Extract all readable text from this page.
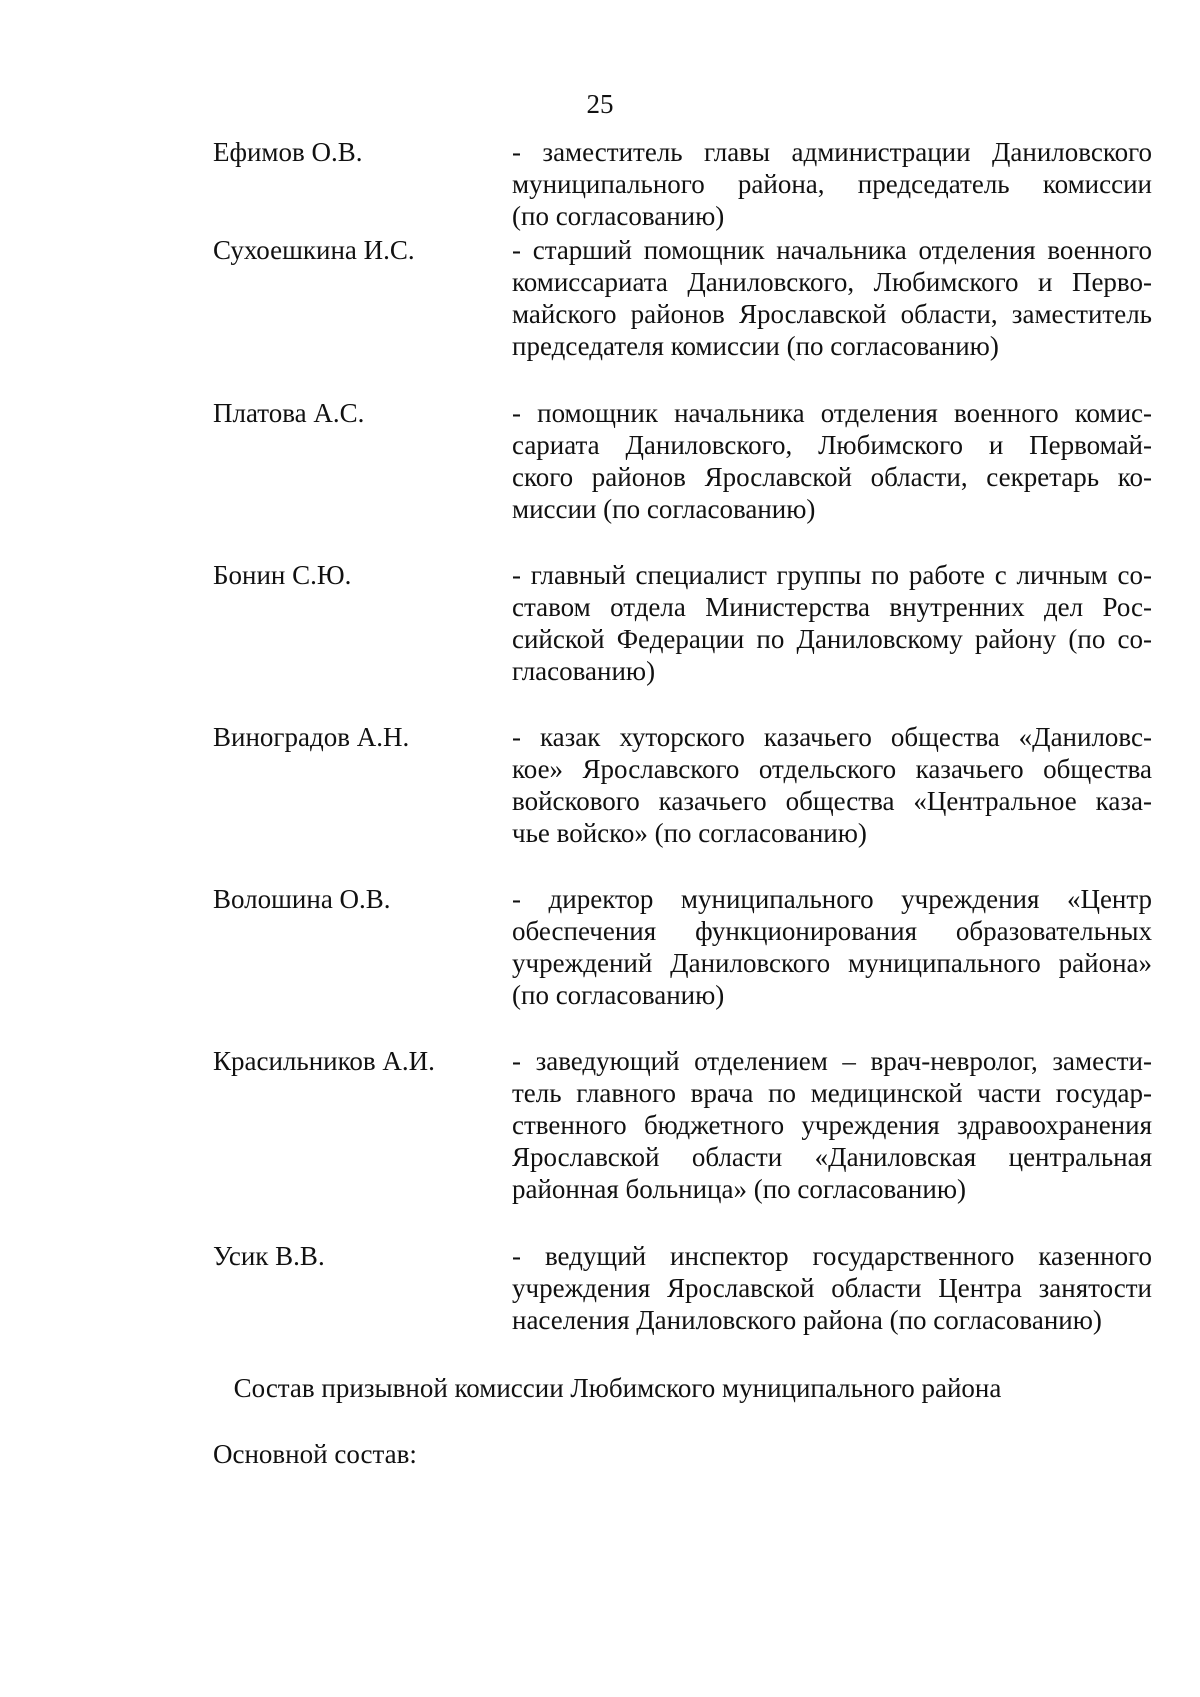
25
Ефимов О.В.	- заместитель главы администрации Даниловского
муниципального района, председатель комиссии
(по согласованию)
Сухоешкина И.С.	- старший помощник начальника отделения военного
комиссариата Даниловского, Любимского и Перво-
майского районов Ярославской области, заместитель
председателя комиссии (по согласованию)
Платова А.С.	- помощник начальника отделения военного комис-
сариата Даниловского, Любимского и Первомай-
ского районов Ярославской области, секретарь ко-
миссии (по согласованию)
Бонин С.Ю.	- главный специалист группы по работе с личным со-
ставом отдела Министерства внутренних дел Рос-
сийской Федерации по Даниловскому району (по со-
гласованию)
Виноградов А.Н.	- казак хуторского казачьего общества «Даниловс-
кое» Ярославского отдельского казачьего общества
войскового казачьего общества «Центральное каза-
чье войско» (по согласованию)
Волошина О.В.	- директор муниципального учреждения «Центр
обеспечения функционирования образовательных
учреждений Даниловского муниципального района»
(по согласованию)
Красильников А.И.	- заведующий отделением – врач-невролог, замести-
тель главного врача по медицинской части государ-
ственного бюджетного учреждения здравоохранения
Ярославской области «Даниловская центральная
районная больница» (по согласованию)
Усик В.В.	- ведущий инспектор государственного казенного
учреждения Ярославской области Центра занятости
населения Даниловского района (по согласованию)
Состав призывной комиссии Любимского муниципального района
Основной состав:
